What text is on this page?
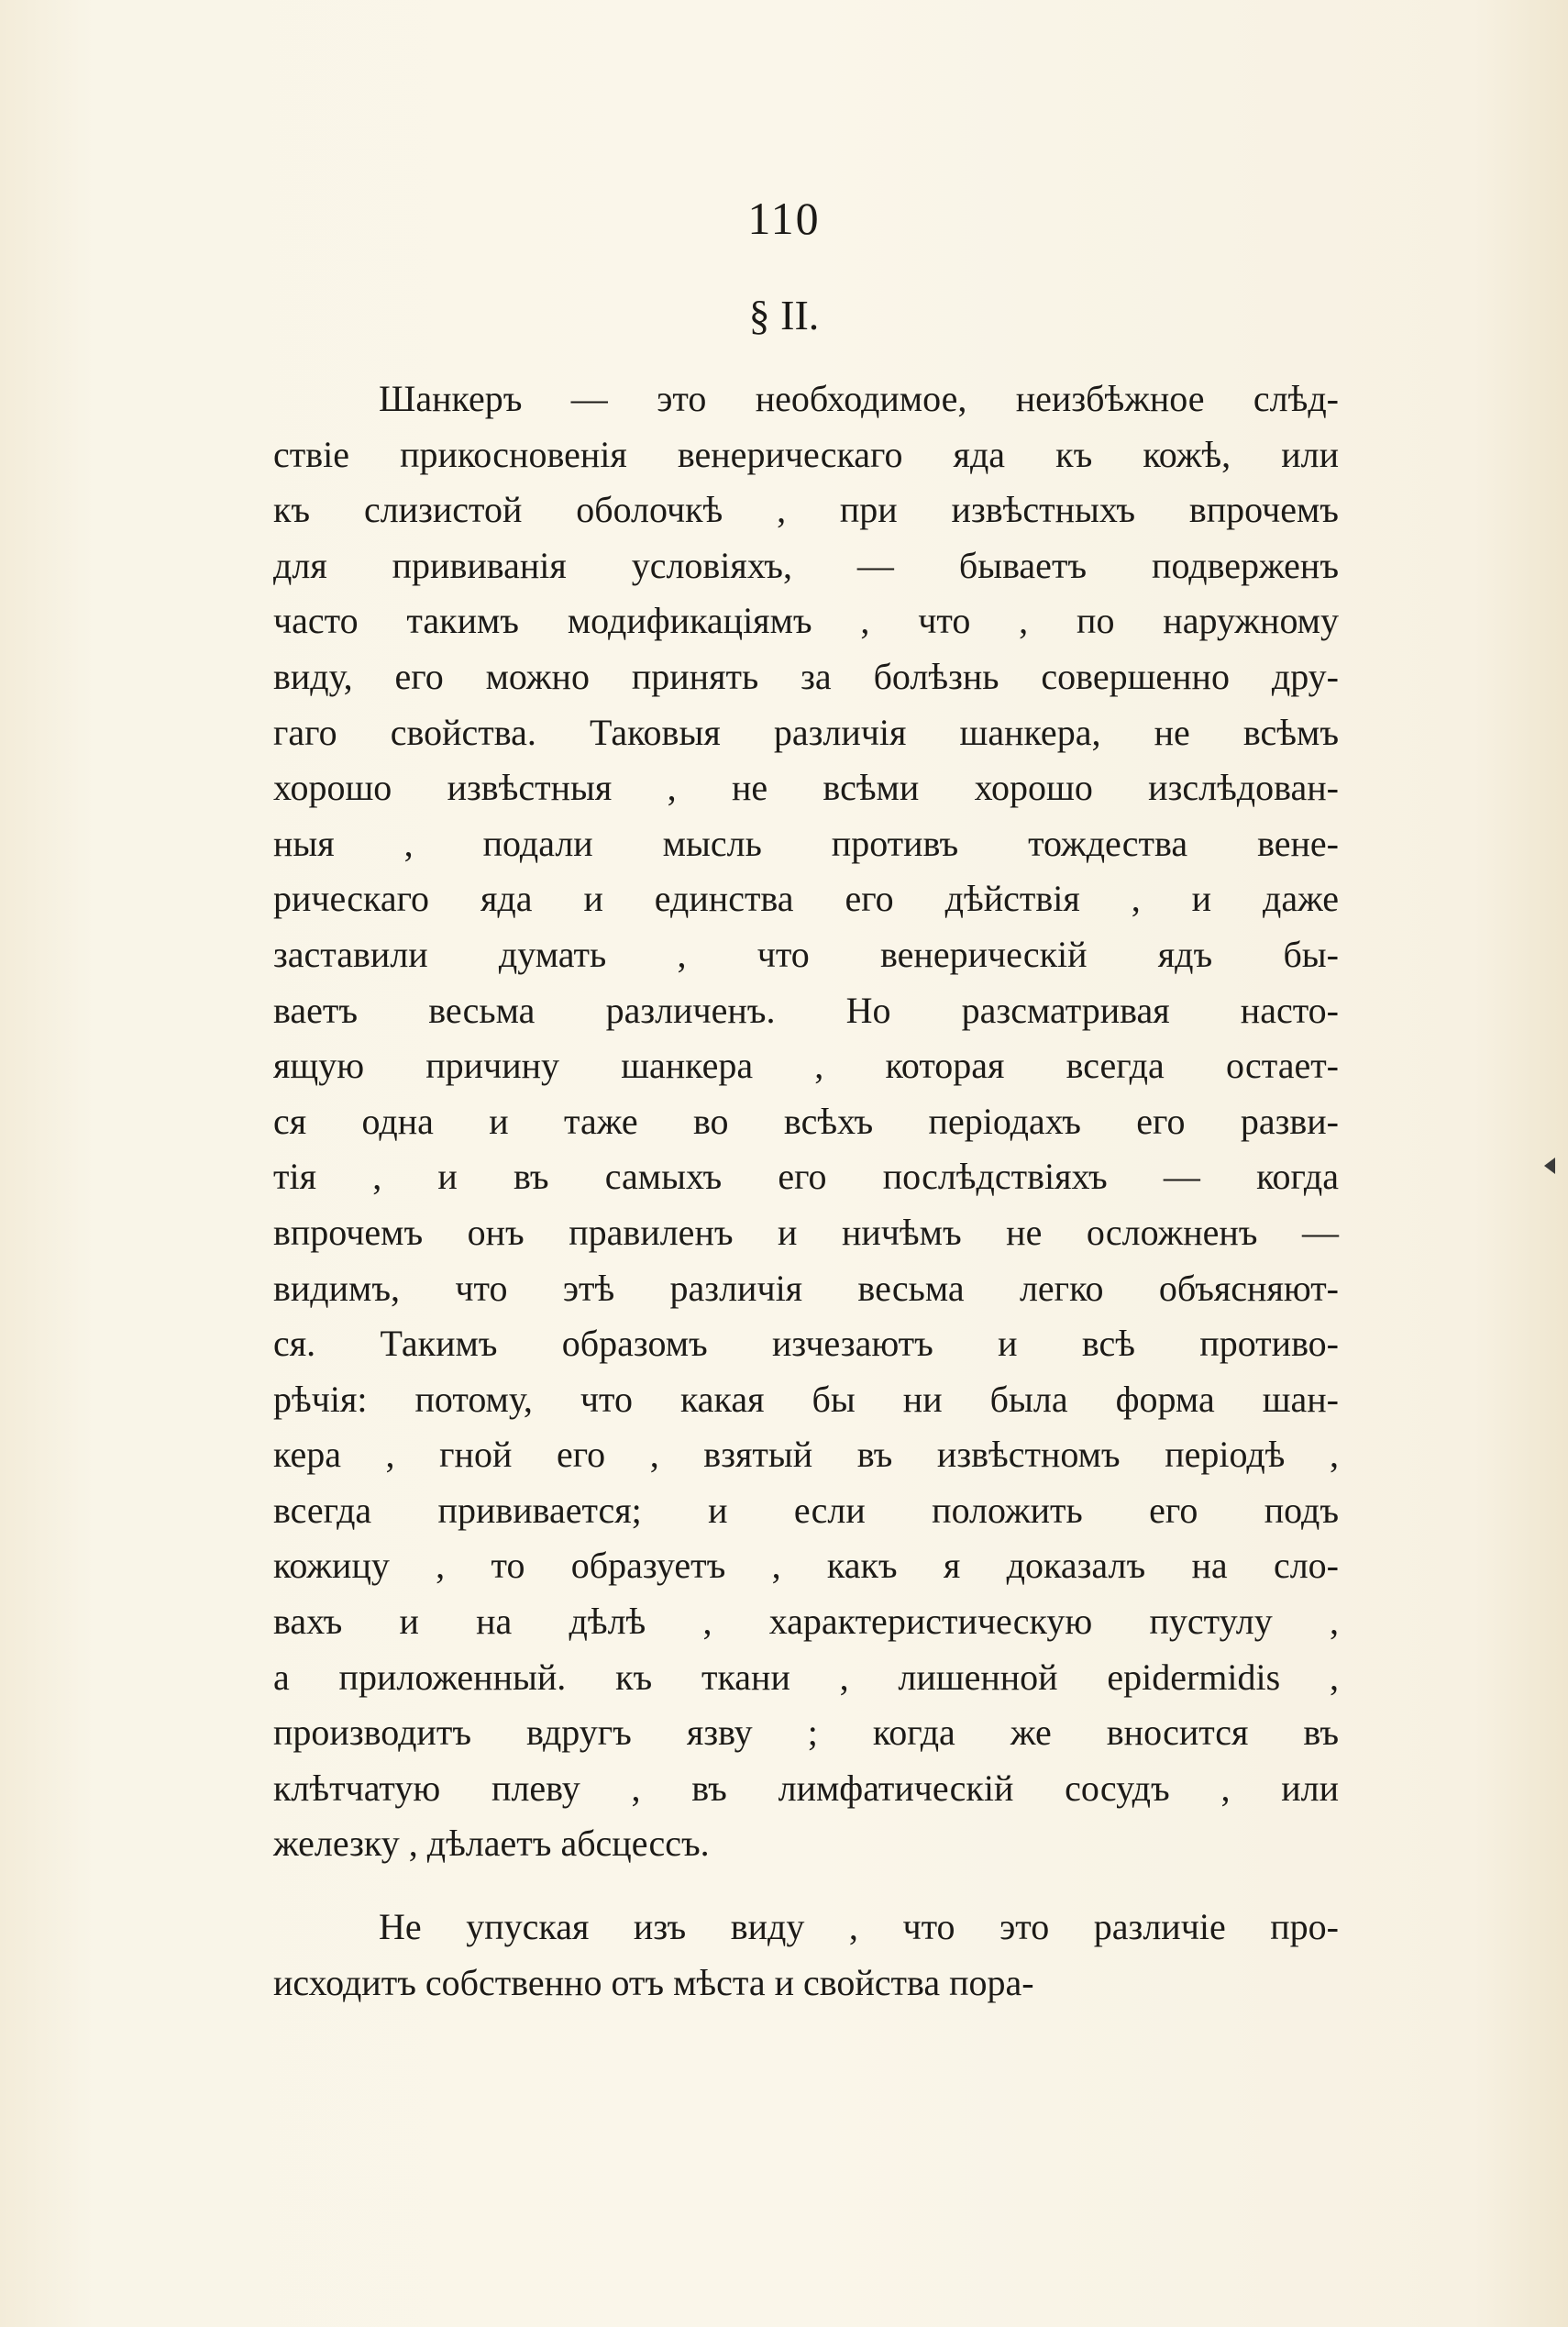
110
§ II.
Шанкеръ — это необходимое, неизбѣжное слѣд-
ствіе прикосновенія венерическаго яда къ кожѣ, или
къ слизистой оболочкѣ , при извѣстныхъ впрочемъ
для прививанія условіяхъ, — бываетъ подверженъ
часто такимъ модификаціямъ , что , по наружному
виду, его можно принять за болѣзнь совершенно дру-
гаго свойства. Таковыя различія шанкера, не всѣмъ
хорошо извѣстныя , не всѣми хорошо изслѣдован-
ныя , подали мысль противъ тождества вене-
рическаго яда и единства его дѣйствія , и даже
заставили думать , что венерическій ядъ бы-
ваетъ весьма различенъ. Но разсматривая насто-
ящую причину шанкера , которая всегда остает-
ся одна и таже во всѣхъ періодахъ его разви-
тія , и въ самыхъ его послѣдствіяхъ — когда
впрочемъ онъ правиленъ и ничѣмъ не осложненъ —
видимъ, что этѣ различія весьма легко объясняют-
ся. Такимъ образомъ изчезаютъ и всѣ противо-
рѣчія: потому, что какая бы ни была форма шан-
кера , гной его , взятый въ извѣстномъ періодѣ ,
всегда прививается; и если положить его подъ
кожицу , то образуетъ , какъ я доказалъ на сло-
вахъ и на дѣлѣ , характеристическую пустулу ,
а приложенный. къ ткани , лишенной epidermidis ,
производитъ вдругъ язву ; когда же вносится въ
клѣтчатую плеву , въ лимфатическій сосудъ , или
железку , дѣлаетъ абсцессъ.
Не упуская изъ виду , что это различіе про-
исходитъ собственно отъ мѣста и свойства пора-
